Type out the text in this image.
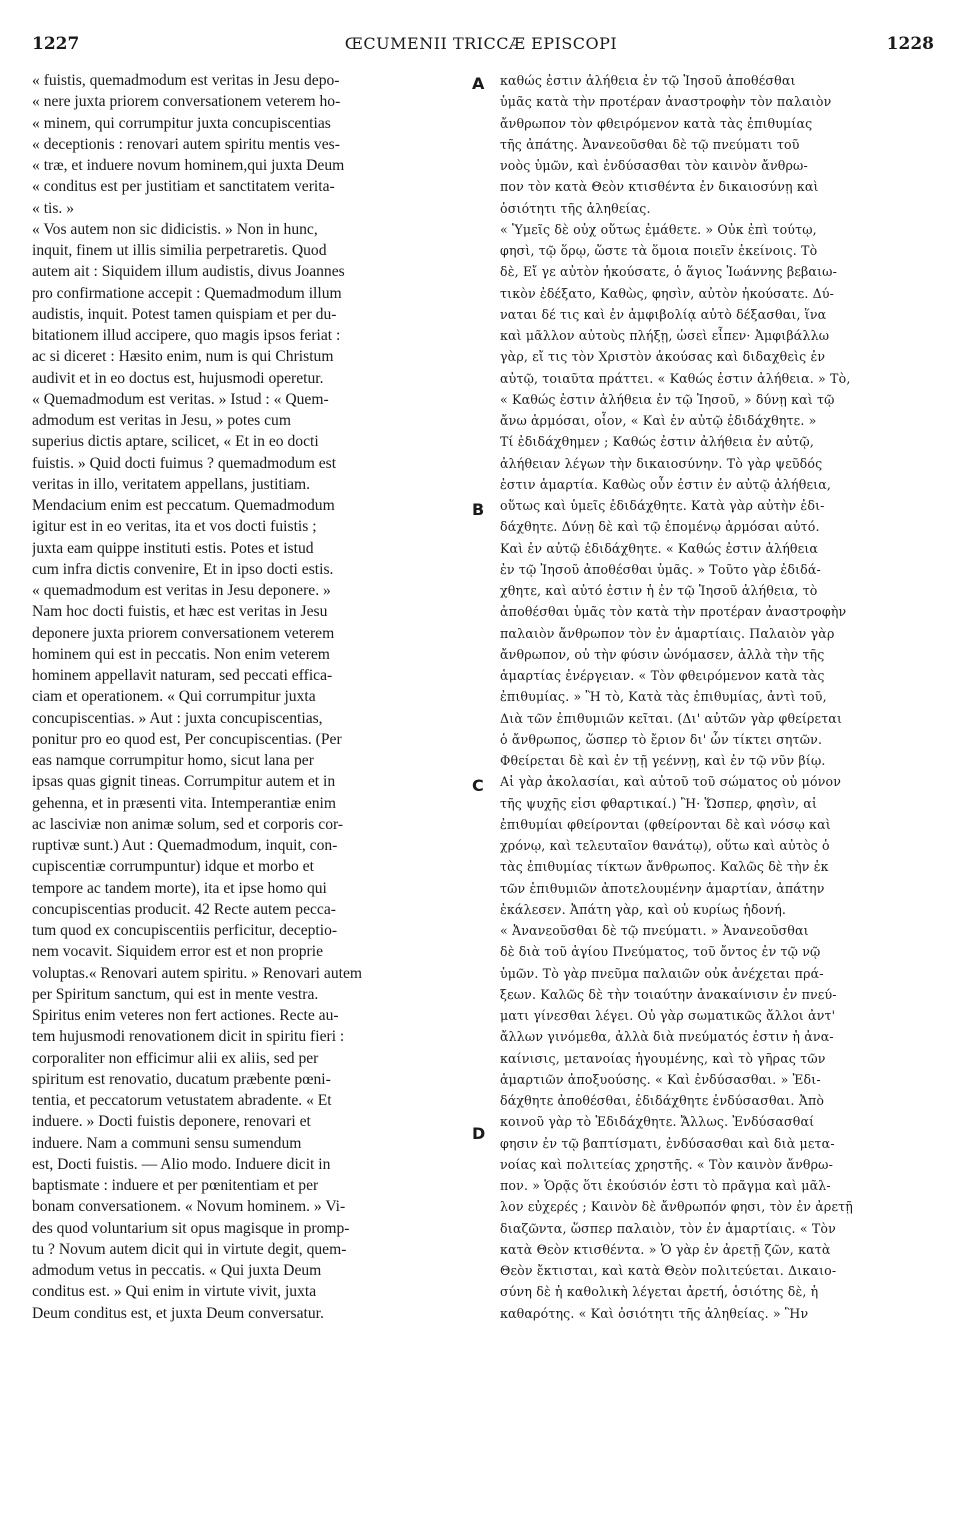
1227	ŒCUMENII TRICCÆ EPISCOPI	1228
« fuistis, quemadmodum est veritas in Jesu depo-
« nere juxta priorem conversationem veterem ho-
« minem, qui corrumpitur juxta concupiscentias
« deceptionis : renovari autem spiritu mentis ves-
« træ, et induere novum hominem,qui juxta Deum
« conditus est per justitiam et sanctitatem verita-
« tis. »
« Vos autem non sic didicistis. » Non in hunc,
inquit, finem ut illis similia perpetraretis. Quod
autem ait : Siquidem illum audistis, divus Joannes
pro confirmatione accepit : Quemadmodum illum
audistis, inquit. Potest tamen quispiam et per du-
bitationem illud accipere, quo magis ipsos feriat :
ac si diceret : Hæsito enim, num is qui Christum
audivit et in eo doctus est, hujusmodi operetur.
« Quemadmodum est veritas. » Istud : « Quem-
admodum est veritas in Jesu, » potes cum
superius dictis aptare, scilicet, « Et in eo docti
fuistis. » Quid docti fuimus ? quemadmodum est
veritas in illo, veritatem appellans, justitiam.
Mendacium enim est peccatum. Quemadmodum
igitur est in eo veritas, ita et vos docti fuistis ;
juxta eam quippe instituti estis. Potes et istud
cum infra dictis convenire, Et in ipso docti estis.
« quemadmodum est veritas in Jesu deponere. »
Nam hoc docti fuistis, et hæc est veritas in Jesu
deponere juxta priorem conversationem veterem
hominem qui est in peccatis. Non enim veterem
hominem appellavit naturam, sed peccati effica-
ciam et operationem. « Qui corrumpitur juxta
concupiscentias. » Aut : juxta concupiscentias,
ponitur pro eo quod est, Per concupiscentias. (Per
eas namque corrumpitur homo, sicut lana per
ipsas quas gignit tineas. Corrumpitur autem et in
gehenna, et in præsenti vita. Intemperantiæ enim
ac lasciviæ non animæ solum, sed et corporis cor-
ruptivæ sunt.) Aut : Quemadmodum, inquit, con-
cupiscentiæ corrumpuntur) idque et morbo et
tempore ac tandem morte), ita et ipse homo qui
concupiscentias producit. 42 Recte autem pecca-
tum quod ex concupiscentiis perficitur, deceptio-
nem vocavit. Siquidem error est et non proprie
voluptas.« Renovari autem spiritu. » Renovari autem
per Spiritum sanctum, qui est in mente vestra.
Spiritus enim veteres non fert actiones. Recte au-
tem hujusmodi renovationem dicit in spiritu fieri :
corporaliter non efficimur alii ex aliis, sed per
spiritum est renovatio, ducatum præbente pœni-
tentia, et peccatorum vetustatem abradente. « Et
induere. » Docti fuistis deponere, renovari et
induere. Nam a communi sensu sumendum
est, Docti fuistis. — Alio modo. Induere dicit in
baptismate : induere et per pœnitentiam et per
bonam conversationem. « Novum hominem. » Vi-
des quod voluntarium sit opus magisque in promp-
tu ? Novum autem dicit qui in virtute degit, quem-
admodum vetus in peccatis. « Qui juxta Deum
conditus est. » Qui enim in virtute vivit, juxta
Deum conditus est, et juxta Deum conversatur.
A
B
C
D
καθώς ἐστιν ἀλήθεια ἐν τῷ Ἰησοῦ ἀποθέσθαι
ὑμᾶς κατὰ τὴν προτέραν ἀναστροφὴν τὸν παλαιὸν
ἄνθρωπον τὸν φθειρόμενον κατὰ τὰς ἐπιθυμίας
τῆς ἀπάτης. Ἀνανεοῦσθαι δὲ τῷ πνεύματι τοῦ
νοὸς ὑμῶν, καὶ ἐνδύσασθαι τὸν καινὸν ἄνθρω-
πον τὸν κατὰ Θεὸν κτισθέντα ἐν δικαιοσύνῃ καὶ
ὁσιότητι τῆς ἀληθείας.
« Ὑμεῖς δὲ οὐχ οὕτως ἐμάθετε. » Οὐκ ἐπὶ τούτῳ,
φησὶ, τῷ ὅρῳ, ὥστε τὰ ὅμοια ποιεῖν ἐκείνοις. Τὸ
δὲ, Εἴ γε αὐτὸν ἠκούσατε, ὁ ἅγιος Ἰωάννης βεβαιω-
τικὸν ἐδέξατο, Καθὼς, φησὶν, αὐτὸν ἠκούσατε. Δύ-
ναται δέ τις καὶ ἐν ἀμφιβολίᾳ αὐτὸ δέξασθαι, ἵνα
καὶ μᾶλλον αὐτοὺς πλήξῃ, ὡσεὶ εἶπεν· Ἀμφιβάλλω
γὰρ, εἴ τις τὸν Χριστὸν ἀκούσας καὶ διδαχθεὶς ἐν
αὐτῷ, τοιαῦτα πράττει. « Καθώς ἐστιν ἀλήθεια. » Τὸ,
« Καθώς ἐστιν ἀλήθεια ἐν τῷ Ἰησοῦ, » δύνῃ καὶ τῷ
ἄνω ἁρμόσαι, οἷον, « Καὶ ἐν αὐτῷ ἐδιδάχθητε. »
Τί ἐδιδάχθημεν ; Καθώς ἐστιν ἀλήθεια ἐν αὐτῷ,
ἀλήθειαν λέγων τὴν δικαιοσύνην. Τὸ γὰρ ψεῦδός
ἐστιν ἁμαρτία. Καθὼς οὖν ἐστιν ἐν αὐτῷ ἀλήθεια,
οὕτως καὶ ὑμεῖς ἐδιδάχθητε. Κατὰ γὰρ αὐτὴν ἐδι-
δάχθητε. Δύνῃ δὲ καὶ τῷ ἑπομένῳ ἁρμόσαι αὐτό.
Καὶ ἐν αὐτῷ ἐδιδάχθητε. « Καθώς ἐστιν ἀλήθεια
ἐν τῷ Ἰησοῦ ἀποθέσθαι ὑμᾶς. » Τοῦτο γὰρ ἐδιδά-
χθητε, καὶ αὐτό ἐστιν ἡ ἐν τῷ Ἰησοῦ ἀλήθεια, τὸ
ἀποθέσθαι ὑμᾶς τὸν κατὰ τὴν προτέραν ἀναστροφὴν
παλαιὸν ἄνθρωπον τὸν ἐν ἁμαρτίαις. Παλαιὸν γὰρ
ἄνθρωπον, οὐ τὴν φύσιν ὠνόμασεν, ἀλλὰ τὴν τῆς
ἁμαρτίας ἐνέργειαν. « Τὸν φθειρόμενον κατὰ τὰς
ἐπιθυμίας. » Ἢ τὸ, Κατὰ τὰς ἐπιθυμίας, ἀντὶ τοῦ,
Διὰ τῶν ἐπιθυμιῶν κεῖται. (Δι' αὐτῶν γὰρ φθείρεται
ὁ ἄνθρωπος, ὥσπερ τὸ ἔριον δι' ὧν τίκτει σητῶν.
Φθείρεται δὲ καὶ ἐν τῇ γεέννῃ, καὶ ἐν τῷ νῦν βίῳ.
Αἱ γὰρ ἀκολασίαι, καὶ αὐτοῦ τοῦ σώματος οὐ μόνον
τῆς ψυχῆς εἰσι φθαρτικαί.) Ἢ· Ὥσπερ, φησὶν, αἱ
ἐπιθυμίαι φθείρονται (φθείρονται δὲ καὶ νόσῳ καὶ
χρόνῳ, καὶ τελευταῖον θανάτῳ), οὕτω καὶ αὐτὸς ὁ
τὰς ἐπιθυμίας τίκτων ἄνθρωπος. Καλῶς δὲ τὴν ἐκ
τῶν ἐπιθυμιῶν ἀποτελουμένην ἁμαρτίαν, ἀπάτην
ἐκάλεσεν. Ἀπάτη γὰρ, καὶ οὐ κυρίως ἡδονή.
« Ἀνανεοῦσθαι δὲ τῷ πνεύματι. » Ἀνανεοῦσθαι
δὲ διὰ τοῦ ἁγίου Πνεύματος, τοῦ ὄντος ἐν τῷ νῷ
ὑμῶν. Τὸ γὰρ πνεῦμα παλαιῶν οὐκ ἀνέχεται πρά-
ξεων. Καλῶς δὲ τὴν τοιαύτην ἀνακαίνισιν ἐν πνεύ-
ματι γίνεσθαι λέγει. Οὐ γὰρ σωματικῶς ἄλλοι ἀντ'
ἄλλων γινόμεθα, ἀλλὰ διὰ πνεύματός ἐστιν ἡ ἀνα-
καίνισις, μετανοίας ἡγουμένης, καὶ τὸ γῆρας τῶν
ἁμαρτιῶν ἀποξυούσης. « Καὶ ἐνδύσασθαι. » Ἐδι-
δάχθητε ἀποθέσθαι, ἐδιδάχθητε ἐνδύσασθαι. Ἀπὸ
κοινοῦ γὰρ τὸ Ἐδιδάχθητε. Ἄλλως. Ἐνδύσασθαί
φησιν ἐν τῷ βαπτίσματι, ἐνδύσασθαι καὶ διὰ μετα-
νοίας καὶ πολιτείας χρηστῆς. « Τὸν καινὸν ἄνθρω-
πον. » Ὁρᾷς ὅτι ἑκούσιόν ἐστι τὸ πρᾶγμα καὶ μᾶλ-
λον εὐχερές ; Καινὸν δὲ ἄνθρωπόν φησι, τὸν ἐν ἀρετῇ
διαζῶντα, ὥσπερ παλαιὸν, τὸν ἐν ἁμαρτίαις. « Τὸν
κατὰ Θεὸν κτισθέντα. » Ὁ γὰρ ἐν ἀρετῇ ζῶν, κατὰ
Θεὸν ἔκτισται, καὶ κατὰ Θεὸν πολιτεύεται. Δικαιο-
σύνη δὲ ἡ καθολικὴ λέγεται ἀρετή, ὁσιότης δὲ, ἡ
καθαρότης. « Καὶ ὁσιότητι τῆς ἀληθείας. » Ἣν
